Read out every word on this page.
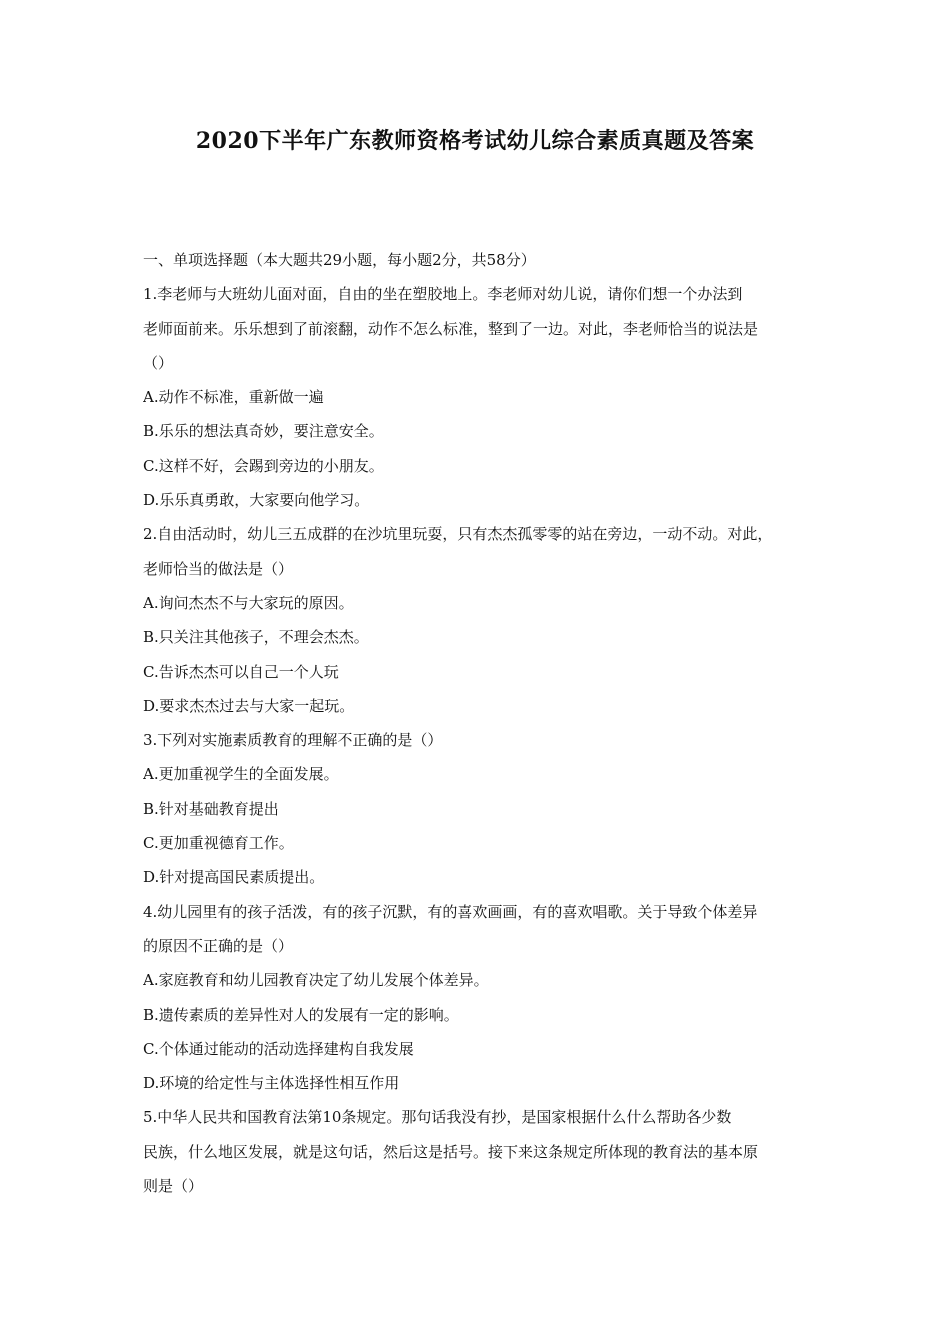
2020下半年广东教师资格考试幼儿综合素质真题及答案
一、单项选择题（本大题共29小题，每小题2分，共58分）
1.李老师与大班幼儿面对面，自由的坐在塑胶地上。李老师对幼儿说，请你们想一个办法到
老师面前来。乐乐想到了前滚翻，动作不怎么标准，整到了一边。对此，李老师恰当的说法是
（）
A.动作不标准，重新做一遍
B.乐乐的想法真奇妙，要注意安全。
C.这样不好，会踢到旁边的小朋友。
D.乐乐真勇敢，大家要向他学习。
2.自由活动时，幼儿三五成群的在沙坑里玩耍，只有杰杰孤零零的站在旁边，一动不动。对此，
老师恰当的做法是（）
A.询问杰杰不与大家玩的原因。
B.只关注其他孩子，不理会杰杰。
C.告诉杰杰可以自己一个人玩
D.要求杰杰过去与大家一起玩。
3.下列对实施素质教育的理解不正确的是（）
A.更加重视学生的全面发展。
B.针对基础教育提出
C.更加重视德育工作。
D.针对提高国民素质提出。
4.幼儿园里有的孩子活泼，有的孩子沉默，有的喜欢画画，有的喜欢唱歌。关于导致个体差异
的原因不正确的是（）
A.家庭教育和幼儿园教育决定了幼儿发展个体差异。
B.遗传素质的差异性对人的发展有一定的影响。
C.个体通过能动的活动选择建构自我发展
D.环境的给定性与主体选择性相互作用
5.中华人民共和国教育法第10条规定。那句话我没有抄，是国家根据什么什么帮助各少数
民族，什么地区发展，就是这句话，然后这是括号。接下来这条规定所体现的教育法的基本原
则是（）
